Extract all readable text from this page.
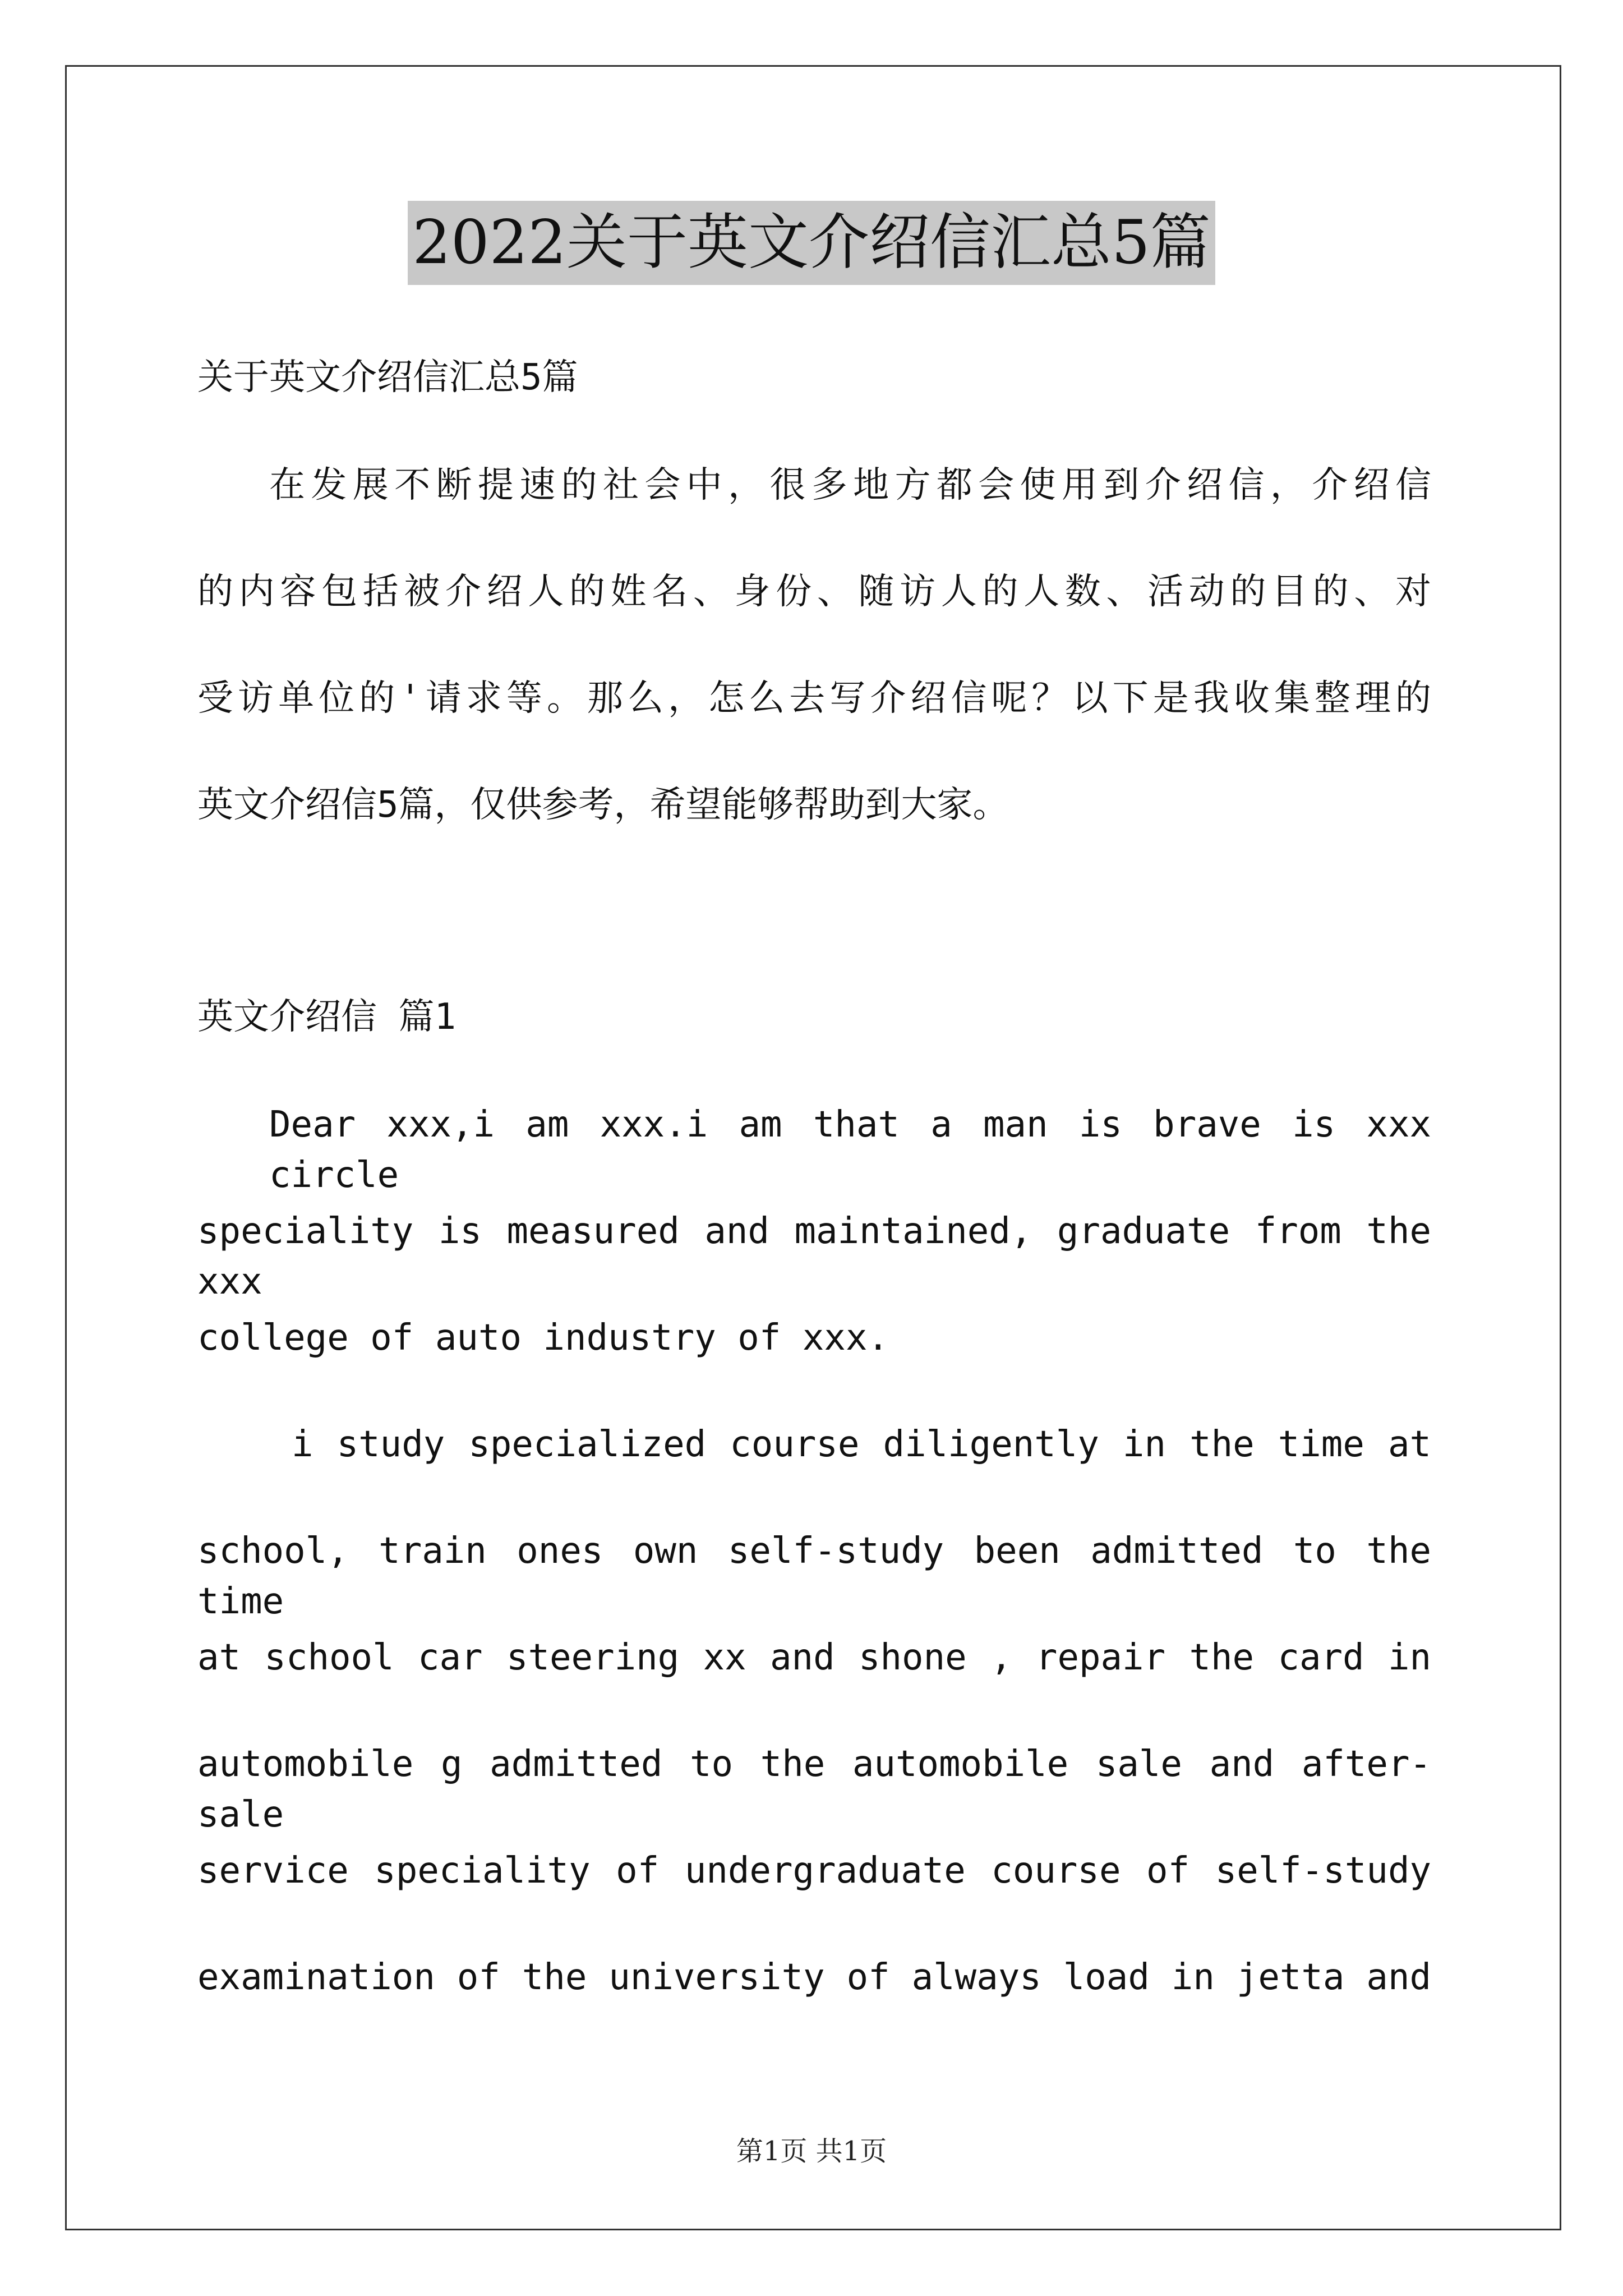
2022关于英文介绍信汇总5篇
关于英文介绍信汇总5篇
在发展不断提速的社会中，很多地方都会使用到介绍信，介绍信
的内容包括被介绍人的姓名、身份、随访人的人数、活动的目的、对
受访单位的'请求等。那么，怎么去写介绍信呢？以下是我收集整理的
英文介绍信5篇，仅供参考，希望能够帮助到大家。
英文介绍信 篇1
Dear xxx,i am xxx.i am that a man is brave is xxx circle
speciality is measured and maintained, graduate from the xxx
college of auto industry of xxx.
i study specialized course diligently in the time at
school, train ones own self-study been admitted to the time
at school car steering xx and shone , repair the card in
automobile g admitted to the automobile sale and after-sale
service speciality of undergraduate course of self-study
examination of the university of always load in jetta and
第1页 共1页
